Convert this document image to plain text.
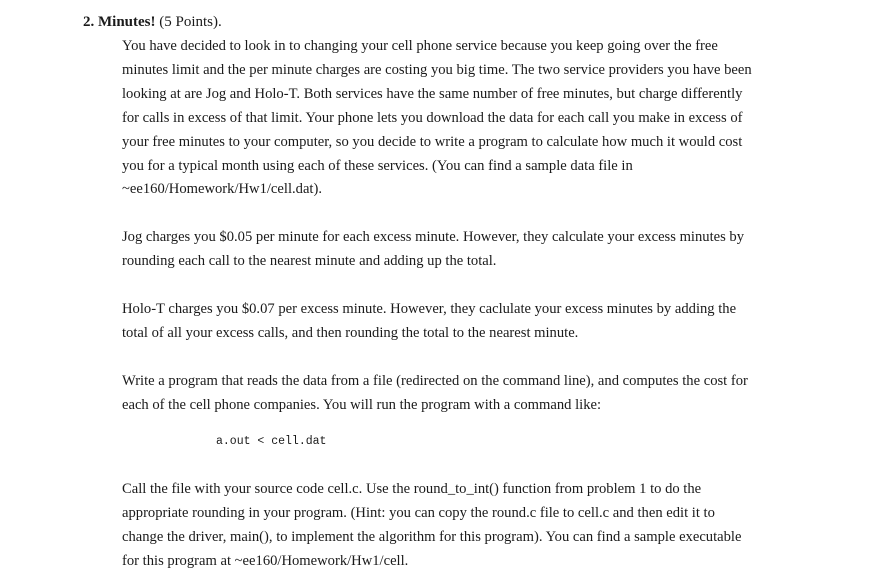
2. Minutes! (5 Points).

You have decided to look in to changing your cell phone service because you keep going over the free
minutes limit and the per minute charges are costing you big time. The two service providers you have been
looking at are Jog and Holo-T. Both services have the same number of free minutes, but charge differently
for calls in excess of that limit. Your phone lets you download the data for each call you make in excess of
your free minutes to your computer, so you decide to write a program to calculate how much it would cost
you for a typical month using each of these services. (You can find a sample data file in
~ee160/Homework/Hw1/cell.dat).

Jog charges you $0.05 per minute for each excess minute. However, they calculate your excess minutes by
rounding each call to the nearest minute and adding up the total.

Holo-T charges you $0.07 per excess minute. However, they caclulate your excess minutes by adding the
total of all your excess calls, and then rounding the total to the nearest minute.

Write a program that reads the data from a file (redirected on the command line), and computes the cost for
each of the cell phone companies. You will run the program with a command like:

a.out < cell.dat

Call the file with your source code cell.c. Use the round_to_int() function from problem 1 to do the
appropriate rounding in your program. (Hint: you can copy the round.c file to cell.c and then edit it to
change the driver, main(), to implement the algorithm for this program). You can find a sample executable
for this program at ~ee160/Homework/Hw1/cell.
